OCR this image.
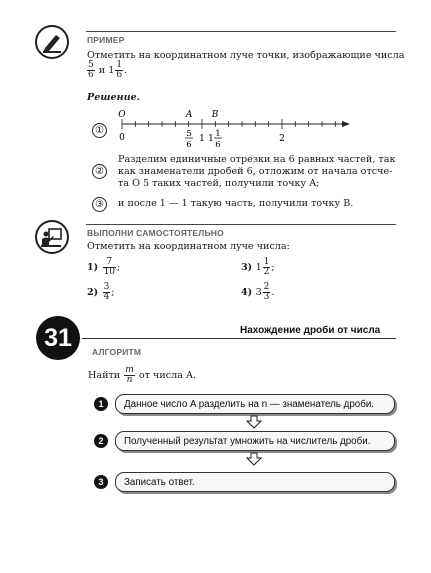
ПРИМЕР
Отметить на координатном луче точки, изображающие числа
$\frac{5}{6}$ и $1 \frac{1}{6}$ .
Решение.
①
O	A B
0	5
6
1 1 1
6
2
②
Разделим единичные отрезки на 6 равных частей, так
как знаменатели дробей 6, отложим от начала отсче-
та O 5 таких частей, получили точку A;
③	и после 1 — 1 такую часть, получили точку B.
ВЫПОЛНИ САМОСТОЯТЕЛЬНО
Отметить на координатном луче числа:
$1) \frac{7}{10}$ ;	3) $1 \frac{1}{2}$ ;
$2) \frac{3}{4}$ ;	4) $3 \frac{2}{3}$ .
31	Нахождение дроби от числа
АЛГОРИТМ
Найти $\frac{m}{n}$ от числа A.
1	Данное число A разделить на n — знаменатель дроби.
2	Полученный результат умножить на числитель дроби.
3	Записать ответ.
